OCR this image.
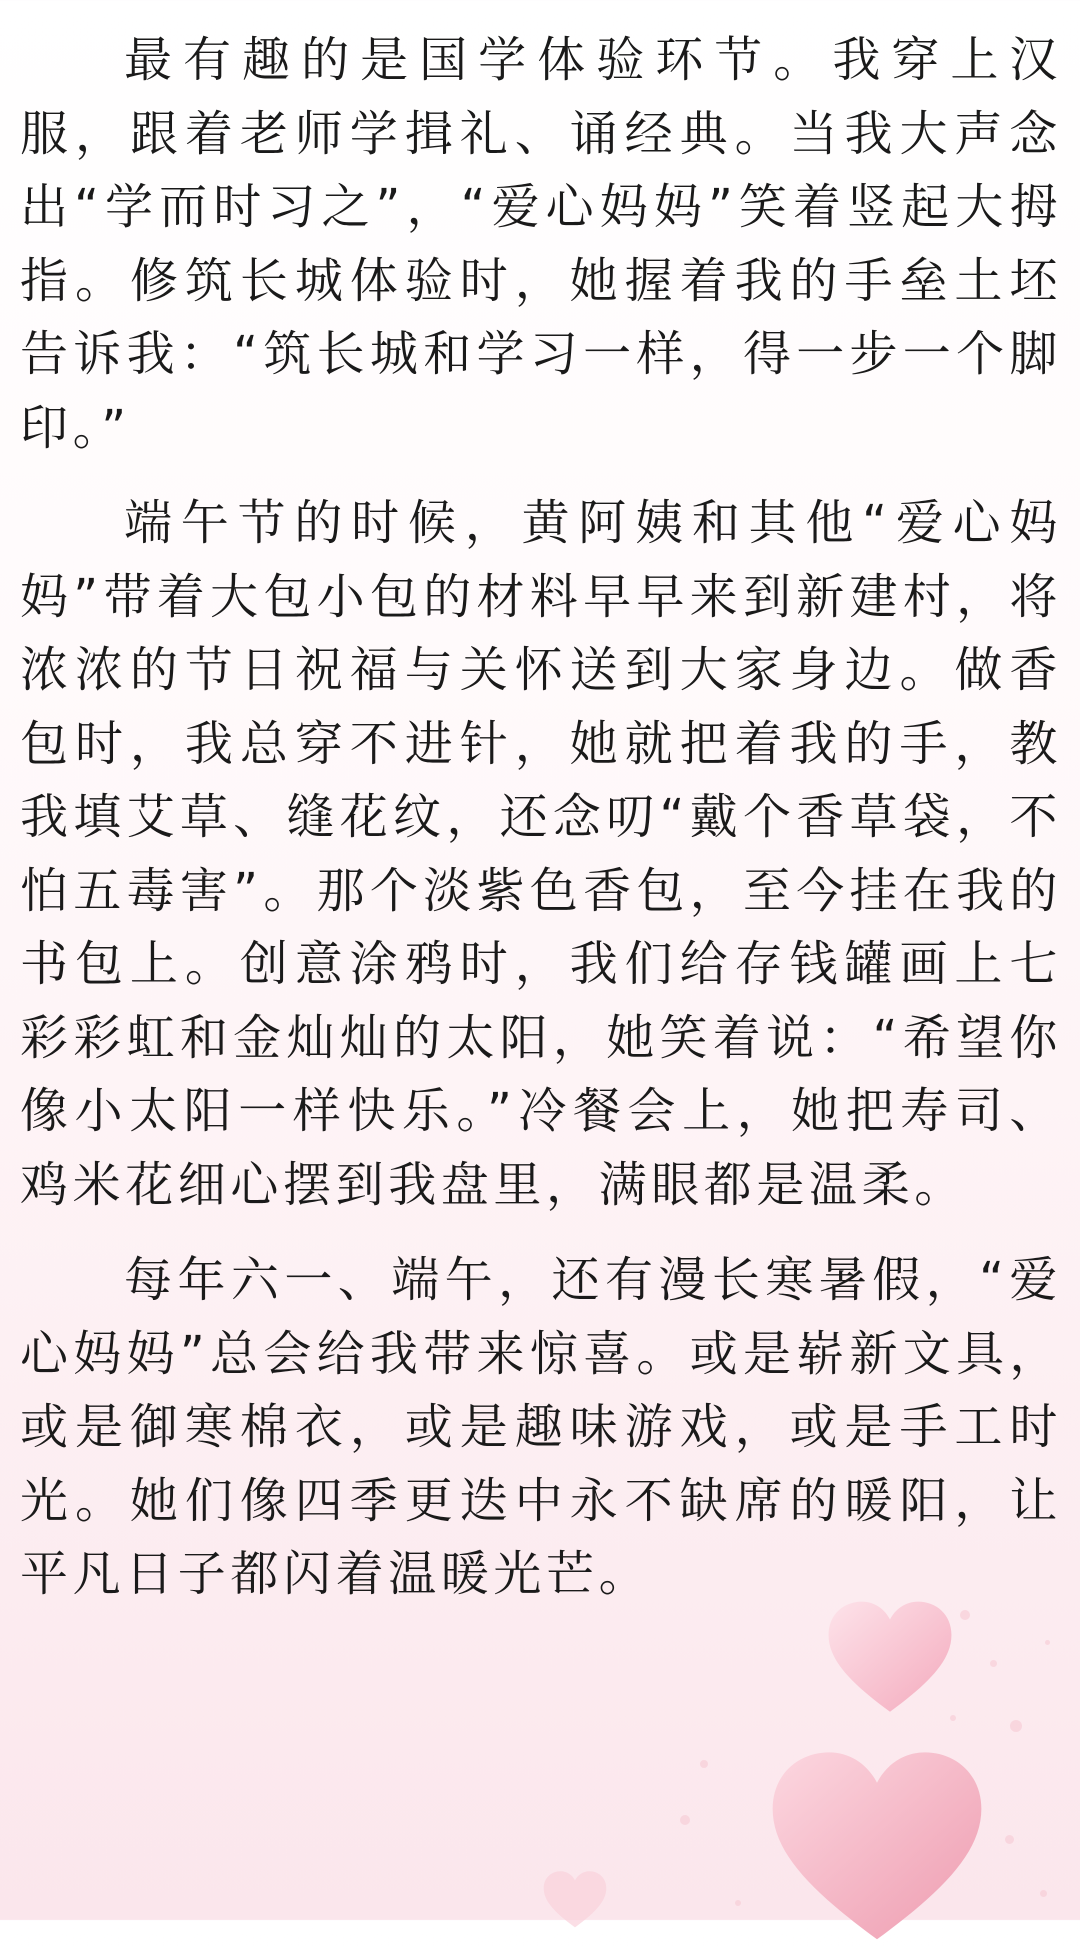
最有趣的是国学体验环节。我穿上汉服，跟着老师学揖礼、诵经典。当我大声念出“学而时习之”，“爱心妈妈”笑着竖起大拇指。修筑长城体验时，她握着我的手垒土坯告诉我：“筑长城和学习一样，得一步一个脚印。”

端午节的时候，黄阿姨和其他“爱心妈妈”带着大包小包的材料早早来到新建村，将浓浓的节日祝福与关怀送到大家身边。做香包时，我总穿不进针，她就把着我的手，教我填艾草、缝花纹，还念叨“戴个香草袋，不怕五毒害”。那个淡紫色香包，至今挂在我的书包上。创意涂鸦时，我们给存钱罐画上七彩彩虹和金灿灿的太阳，她笑着说：“希望你像小太阳一样快乐。”冷餐会上，她把寿司、鸡米花细心摆到我盘里，满眼都是温柔。

每年六一、端午，还有漫长寒暑假，“爱心妈妈”总会给我带来惊喜。或是崭新文具，或是御寒棉衣，或是趣味游戏，或是手工时光。她们像四季更迭中永不缺席的暖阳，让平凡日子都闪着温暖光芒。
